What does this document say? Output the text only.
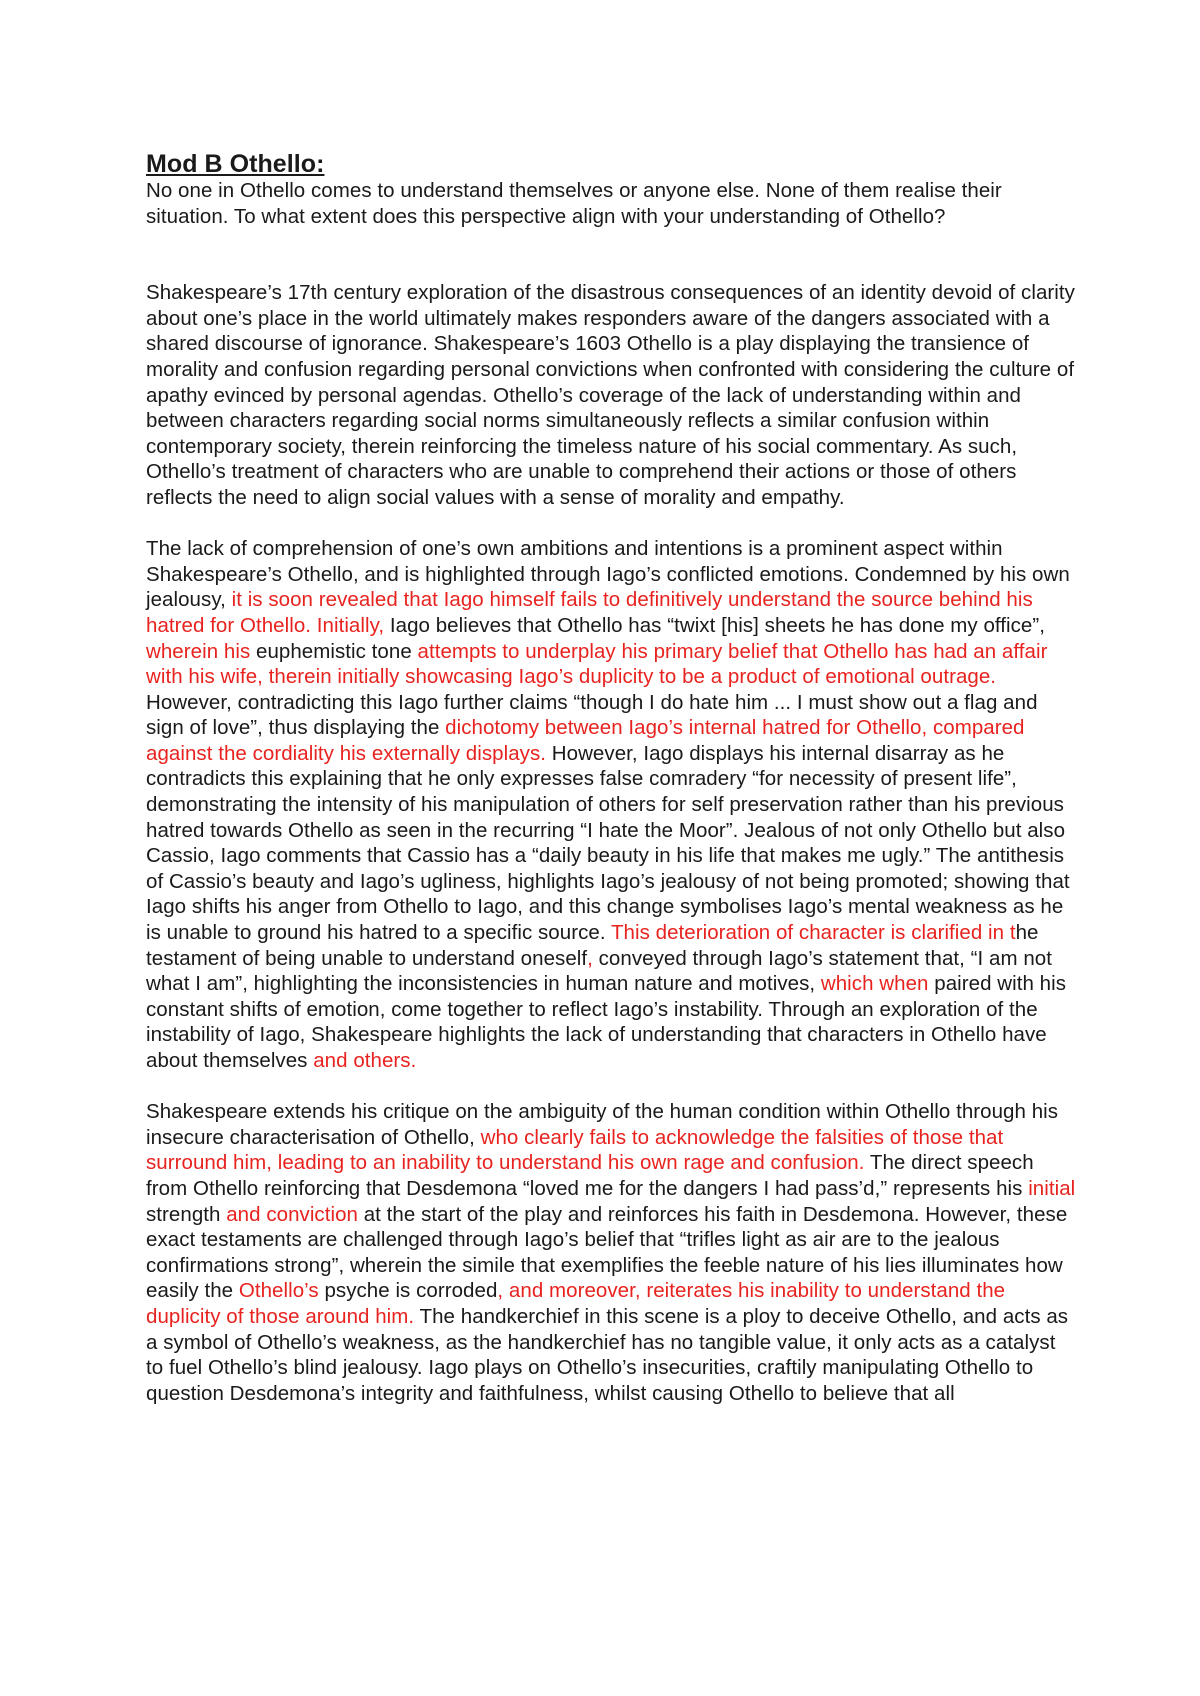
Mod B Othello:

No one in Othello comes to understand themselves or anyone else. None of them realise their situation. To what extent does this perspective align with your understanding of Othello?

Shakespeare’s 17th century exploration of the disastrous consequences of an identity devoid of clarity about one’s place in the world ultimately makes responders aware of the dangers associated with a shared discourse of ignorance. Shakespeare’s 1603 Othello is a play displaying the transience of morality and confusion regarding personal convictions when confronted with considering the culture of apathy evinced by personal agendas. Othello’s coverage of the lack of understanding within and between characters regarding social norms simultaneously reflects a similar confusion within contemporary society, therein reinforcing the timeless nature of his social commentary. As such, Othello’s treatment of characters who are unable to comprehend their actions or those of others reflects the need to align social values with a sense of morality and empathy.

The lack of comprehension of one’s own ambitions and intentions is a prominent aspect within Shakespeare’s Othello, and is highlighted through Iago’s conflicted emotions. Condemned by his own jealousy, it is soon revealed that Iago himself fails to definitively understand the source behind his hatred for Othello. Initially, Iago believes that Othello has “twixt [his] sheets he has done my office”, wherein his euphemistic tone attempts to underplay his primary belief that Othello has had an affair with his wife, therein initially showcasing Iago’s duplicity to be a product of emotional outrage. However, contradicting this Iago further claims “though I do hate him ... I must show out a flag and sign of love”, thus displaying the dichotomy between Iago’s internal hatred for Othello, compared against the cordiality his externally displays. However, Iago displays his internal disarray as he contradicts this explaining that he only expresses false comradery “for necessity of present life”, demonstrating the intensity of his manipulation of others for self preservation rather than his previous hatred towards Othello as seen in the recurring “I hate the Moor”. Jealous of not only Othello but also Cassio, Iago comments that Cassio has a “daily beauty in his life that makes me ugly.” The antithesis of Cassio’s beauty and Iago’s ugliness, highlights Iago’s jealousy of not being promoted; showing that Iago shifts his anger from Othello to Iago, and this change symbolises Iago’s mental weakness as he is unable to ground his hatred to a specific source. This deterioration of character is clarified in the testament of being unable to understand oneself, conveyed through Iago’s statement that, “I am not what I am”, highlighting the inconsistencies in human nature and motives, which when paired with his constant shifts of emotion, come together to reflect Iago’s instability. Through an exploration of the instability of Iago, Shakespeare highlights the lack of understanding that characters in Othello have about themselves and others.

Shakespeare extends his critique on the ambiguity of the human condition within Othello through his insecure characterisation of Othello, who clearly fails to acknowledge the falsities of those that surround him, leading to an inability to understand his own rage and confusion. The direct speech from Othello reinforcing that Desdemona “loved me for the dangers I had pass’d,” represents his initial strength and conviction at the start of the play and reinforces his faith in Desdemona. However, these exact testaments are challenged through Iago’s belief that “trifles light as air are to the jealous confirmations strong”, wherein the simile that exemplifies the feeble nature of his lies illuminates how easily the Othello’s psyche is corroded, and moreover, reiterates his inability to understand the duplicity of those around him. The handkerchief in this scene is a ploy to deceive Othello, and acts as a symbol of Othello’s weakness, as the handkerchief has no tangible value, it only acts as a catalyst to fuel Othello’s blind jealousy. Iago plays on Othello’s insecurities, craftily manipulating Othello to question Desdemona’s integrity and faithfulness, whilst causing Othello to believe that all
